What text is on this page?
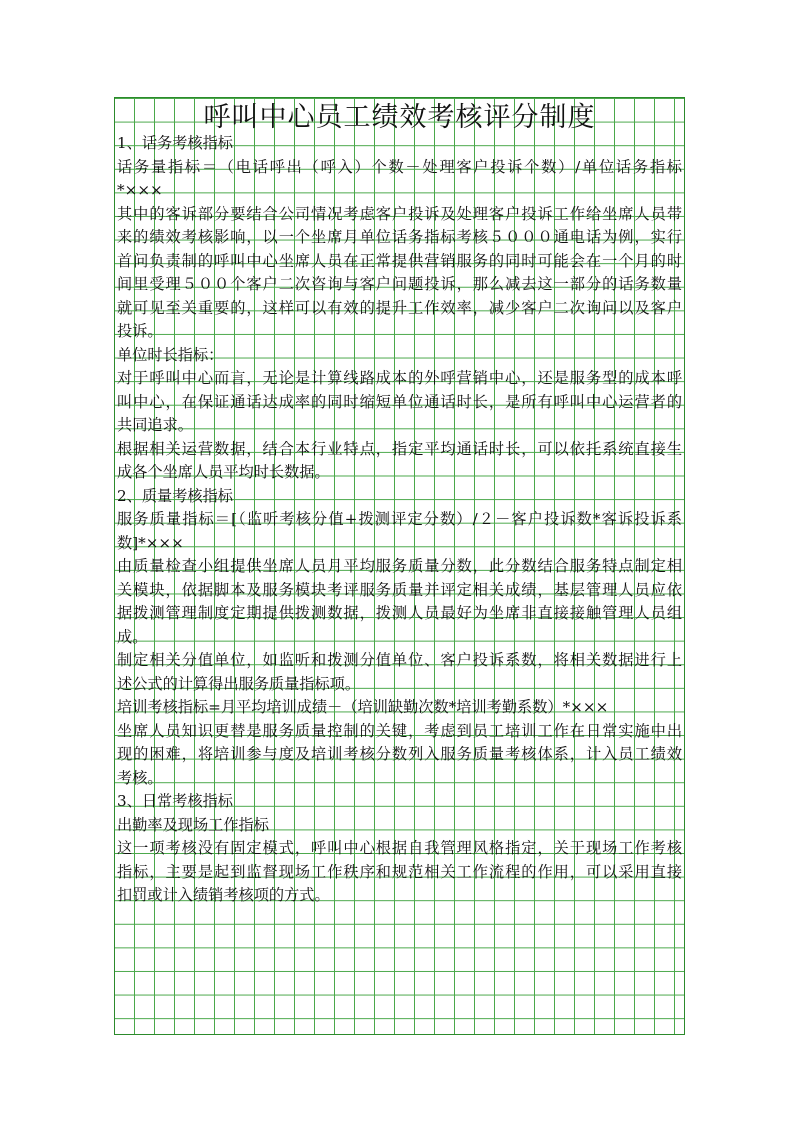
呼叫中心员工绩效考核评分制度
1、话务考核指标
话务量指标＝（电话呼出（呼入）个数－处理客户投诉个数）/单位话务指标
*×××
其中的客诉部分要结合公司情况考虑客户投诉及处理客户投诉工作给坐席人员带
来的绩效考核影响，以一个坐席月单位话务指标考核５０００通电话为例，实行
首问负责制的呼叫中心坐席人员在正常提供营销服务的同时可能会在一个月的时
间里受理５００个客户二次咨询与客户问题投诉，那么减去这一部分的话务数量
就可见至关重要的，这样可以有效的提升工作效率，减少客户二次询问以及客户
投诉。
单位时长指标：
对于呼叫中心而言，无论是计算线路成本的外呼营销中心，还是服务型的成本呼
叫中心，在保证通话达成率的同时缩短单位通话时长，是所有呼叫中心运营者的
共同追求。
根据相关运营数据，结合本行业特点，指定平均通话时长，可以依托系统直接生
成各个坐席人员平均时长数据。
2、质量考核指标
服务质量指标＝[（监听考核分值+拨测评定分数）/２－客户投诉数*客诉投诉系
数]*×××
由质量检查小组提供坐席人员月平均服务质量分数，此分数结合服务特点制定相
关模块，依据脚本及服务模块考评服务质量并评定相关成绩，基层管理人员应依
据拨测管理制度定期提供拨测数据，拨测人员最好为坐席非直接接触管理人员组
成。
制定相关分值单位，如监听和拨测分值单位、客户投诉系数，将相关数据进行上
述公式的计算得出服务质量指标项。
培训考核指标=月平均培训成绩－（培训缺勤次数*培训考勤系数）*×××
坐席人员知识更替是服务质量控制的关键，考虑到员工培训工作在日常实施中出
现的困难，将培训参与度及培训考核分数列入服务质量考核体系，计入员工绩效
考核。
3、日常考核指标
出勤率及现场工作指标
这一项考核没有固定模式，呼叫中心根据自我管理风格指定，关于现场工作考核
指标，主要是起到监督现场工作秩序和规范相关工作流程的作用，可以采用直接
扣罚或计入绩销考核项的方式。
